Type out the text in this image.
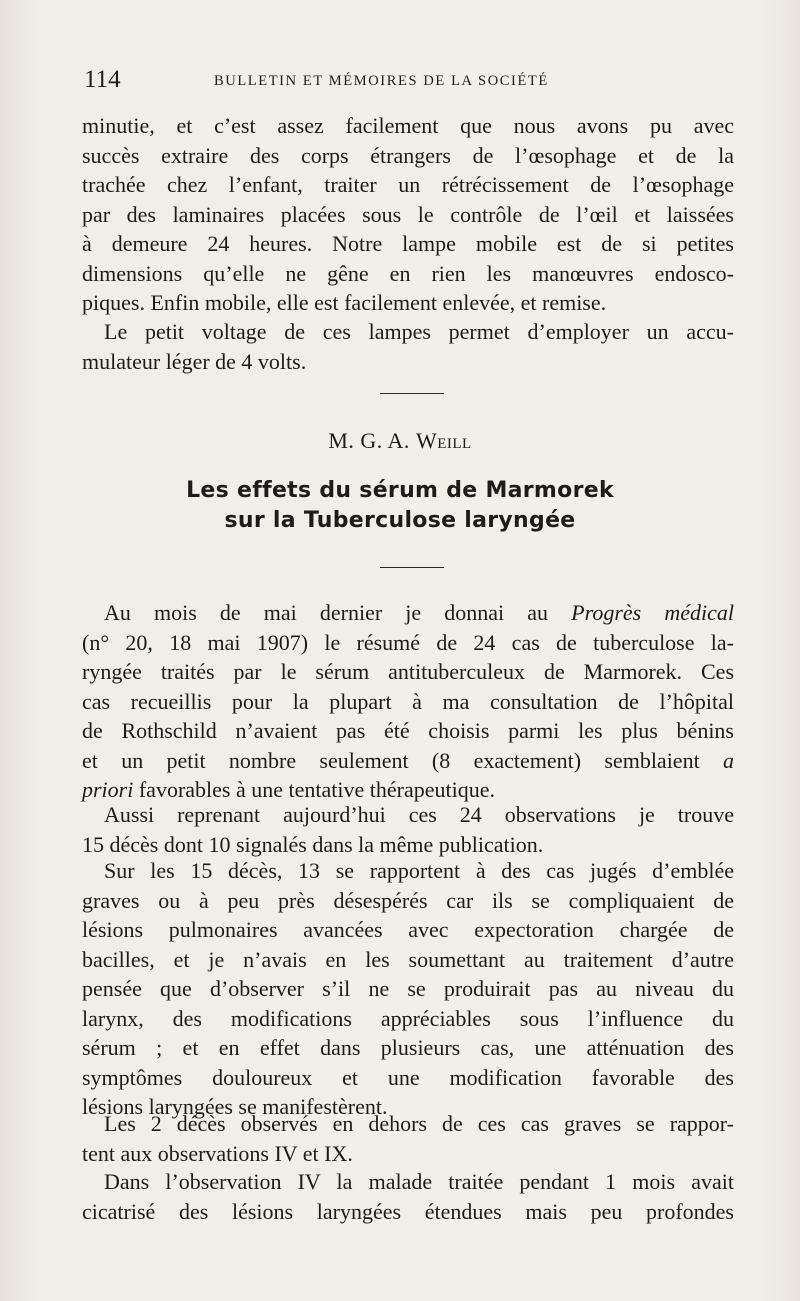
114	BULLETIN ET MÉMOIRES DE LA SOCIÉTÉ
minutie, et c’est assez facilement que nous avons pu avec
succès extraire des corps étrangers de l’œsophage et de la
trachée chez l’enfant, traiter un rétrécissement de l’œsophage
par des laminaires placées sous le contrôle de l’œil et laissées
à demeure 24 heures. Notre lampe mobile est de si petites
dimensions qu’elle ne gêne en rien les manœuvres endosco-
piques. Enfin mobile, elle est facilement enlevée, et remise.
Le petit voltage de ces lampes permet d’employer un accu-
mulateur léger de 4 volts.
M. G. A. Weill
Les effets du sérum de Marmorek
sur la Tuberculose laryngée
Au mois de mai dernier je donnai au Progrès médical
(n° 20, 18 mai 1907) le résumé de 24 cas de tuberculose la-
ryngée traités par le sérum antituberculeux de Marmorek. Ces
cas recueillis pour la plupart à ma consultation de l’hôpital
de Rothschild n’avaient pas été choisis parmi les plus bénins
et un petit nombre seulement (8 exactement) semblaient a
priori favorables à une tentative thérapeutique.
Aussi reprenant aujourd’hui ces 24 observations je trouve
15 décès dont 10 signalés dans la même publication.
Sur les 15 décès, 13 se rapportent à des cas jugés d’emblée
graves ou à peu près désespérés car ils se compliquaient de
lésions pulmonaires avancées avec expectoration chargée de
bacilles, et je n’avais en les soumettant au traitement d’autre
pensée que d’observer s’il ne se produirait pas au niveau du
larynx, des modifications appréciables sous l’influence du
sérum ; et en effet dans plusieurs cas, une atténuation des
symptômes douloureux et une modification favorable des
lésions laryngées se manifestèrent.
Les 2 décès observés en dehors de ces cas graves se rappor-
tent aux observations IV et IX.
Dans l’observation IV la malade traitée pendant 1 mois avait
cicatrisé des lésions laryngées étendues mais peu profondes
